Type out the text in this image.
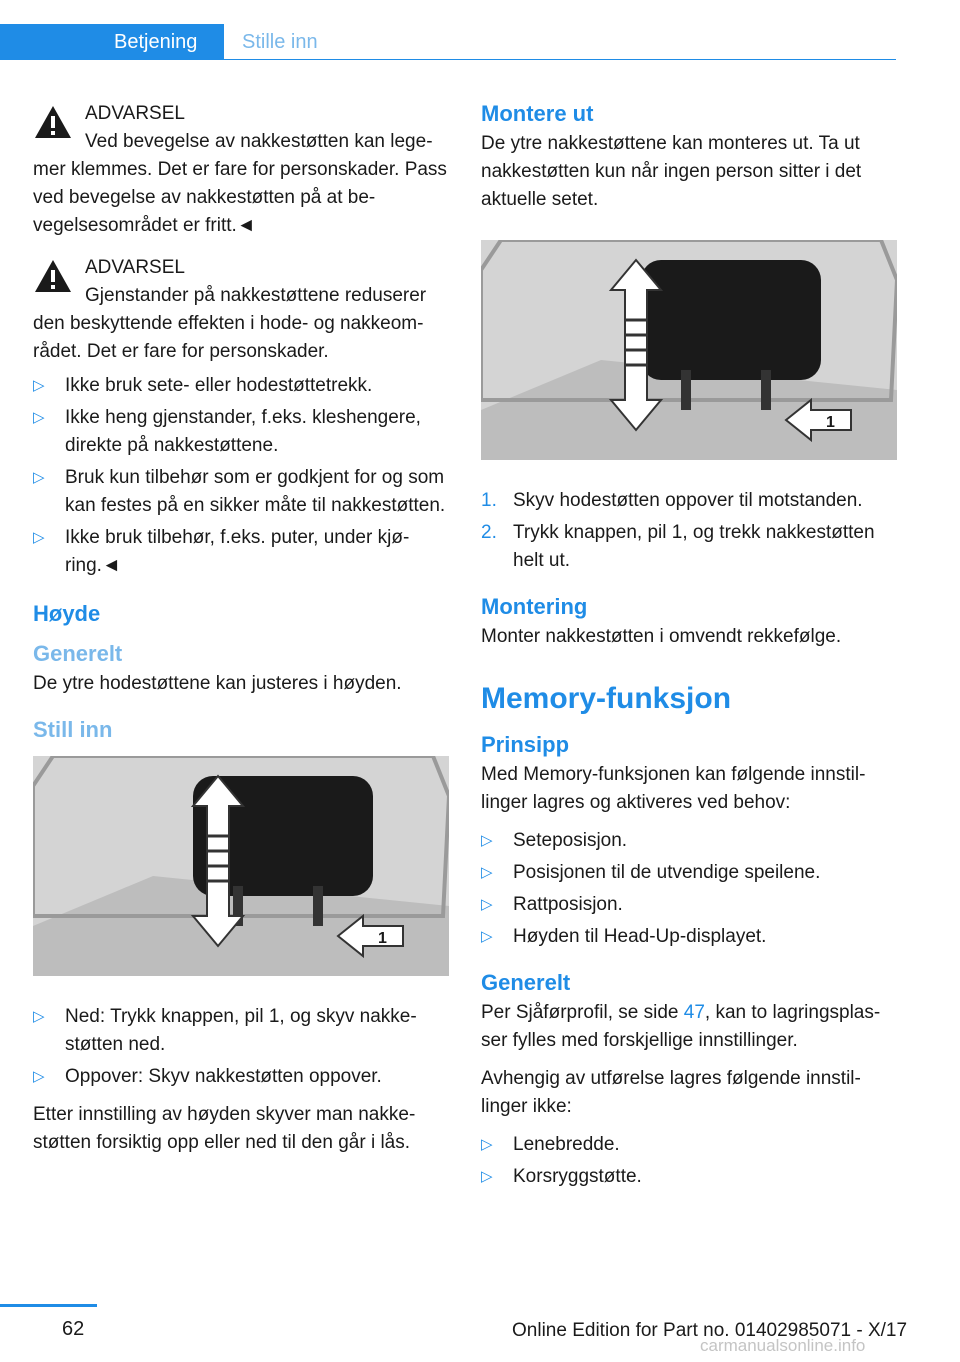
Betjening	Stille inn
ADVARSEL
Ved bevegelse av nakkestøtten kan legemer klemmes. Det er fare for personskader. Pass ved bevegelse av nakkestøtten på at bevegelsesområdet er fritt.◄
ADVARSEL
Gjenstander på nakkestøttene reduserer den beskyttende effekten i hode- og nakkeområdet. Det er fare for personskader.
▷ Ikke bruk sete- eller hodestøttetrekk.
▷ Ikke heng gjenstander, f.eks. kleshengere, direkte på nakkestøttene.
▷ Bruk kun tilbehør som er godkjent for og som kan festes på en sikker måte til nakkestøtten.
▷ Ikke bruk tilbehør, f.eks. puter, under kjøring.◄
Høyde
Generelt

De ytre hodestøttene kan justeres i høyden.

Still inn
1
▷ Ned: Trykk knappen, pil 1, og skyv nakkestøtten ned.
▷ Oppover: Skyv nakkestøtten oppover.

Etter innstilling av høyden skyver man nakkestøtten forsiktig opp eller ned til den går i lås.

Montere ut

De ytre nakkestøttene kan monteres ut. Ta ut nakkestøtten kun når ingen person sitter i det aktuelle setet.

1
1. Skyv hodestøtten oppover til motstanden.
2. Trykk knappen, pil 1, og trekk nakkestøtten helt ut.
Montering

Monter nakkestøtten i omvendt rekkefølge.

Memory-funksjon
Prinsipp

Med Memory-funksjonen kan følgende innstillinger lagres og aktiveres ved behov:

▷ Seteposisjon.
▷ Posisjonen til de utvendige speilene.
▷ Rattposisjon.
▷ Høyden til Head-Up-displayet.
Generelt

Per Sjåførprofil, se side 47, kan to lagringsplasser fylles med forskjellige innstillinger.

Avhengig av utførelse lagres følgende innstillinger ikke:

▷ Lenebredde.
▷ Korsryggstøtte.
62	Online Edition for Part no. 01402985071 - X/17
carmanualsonline.info
